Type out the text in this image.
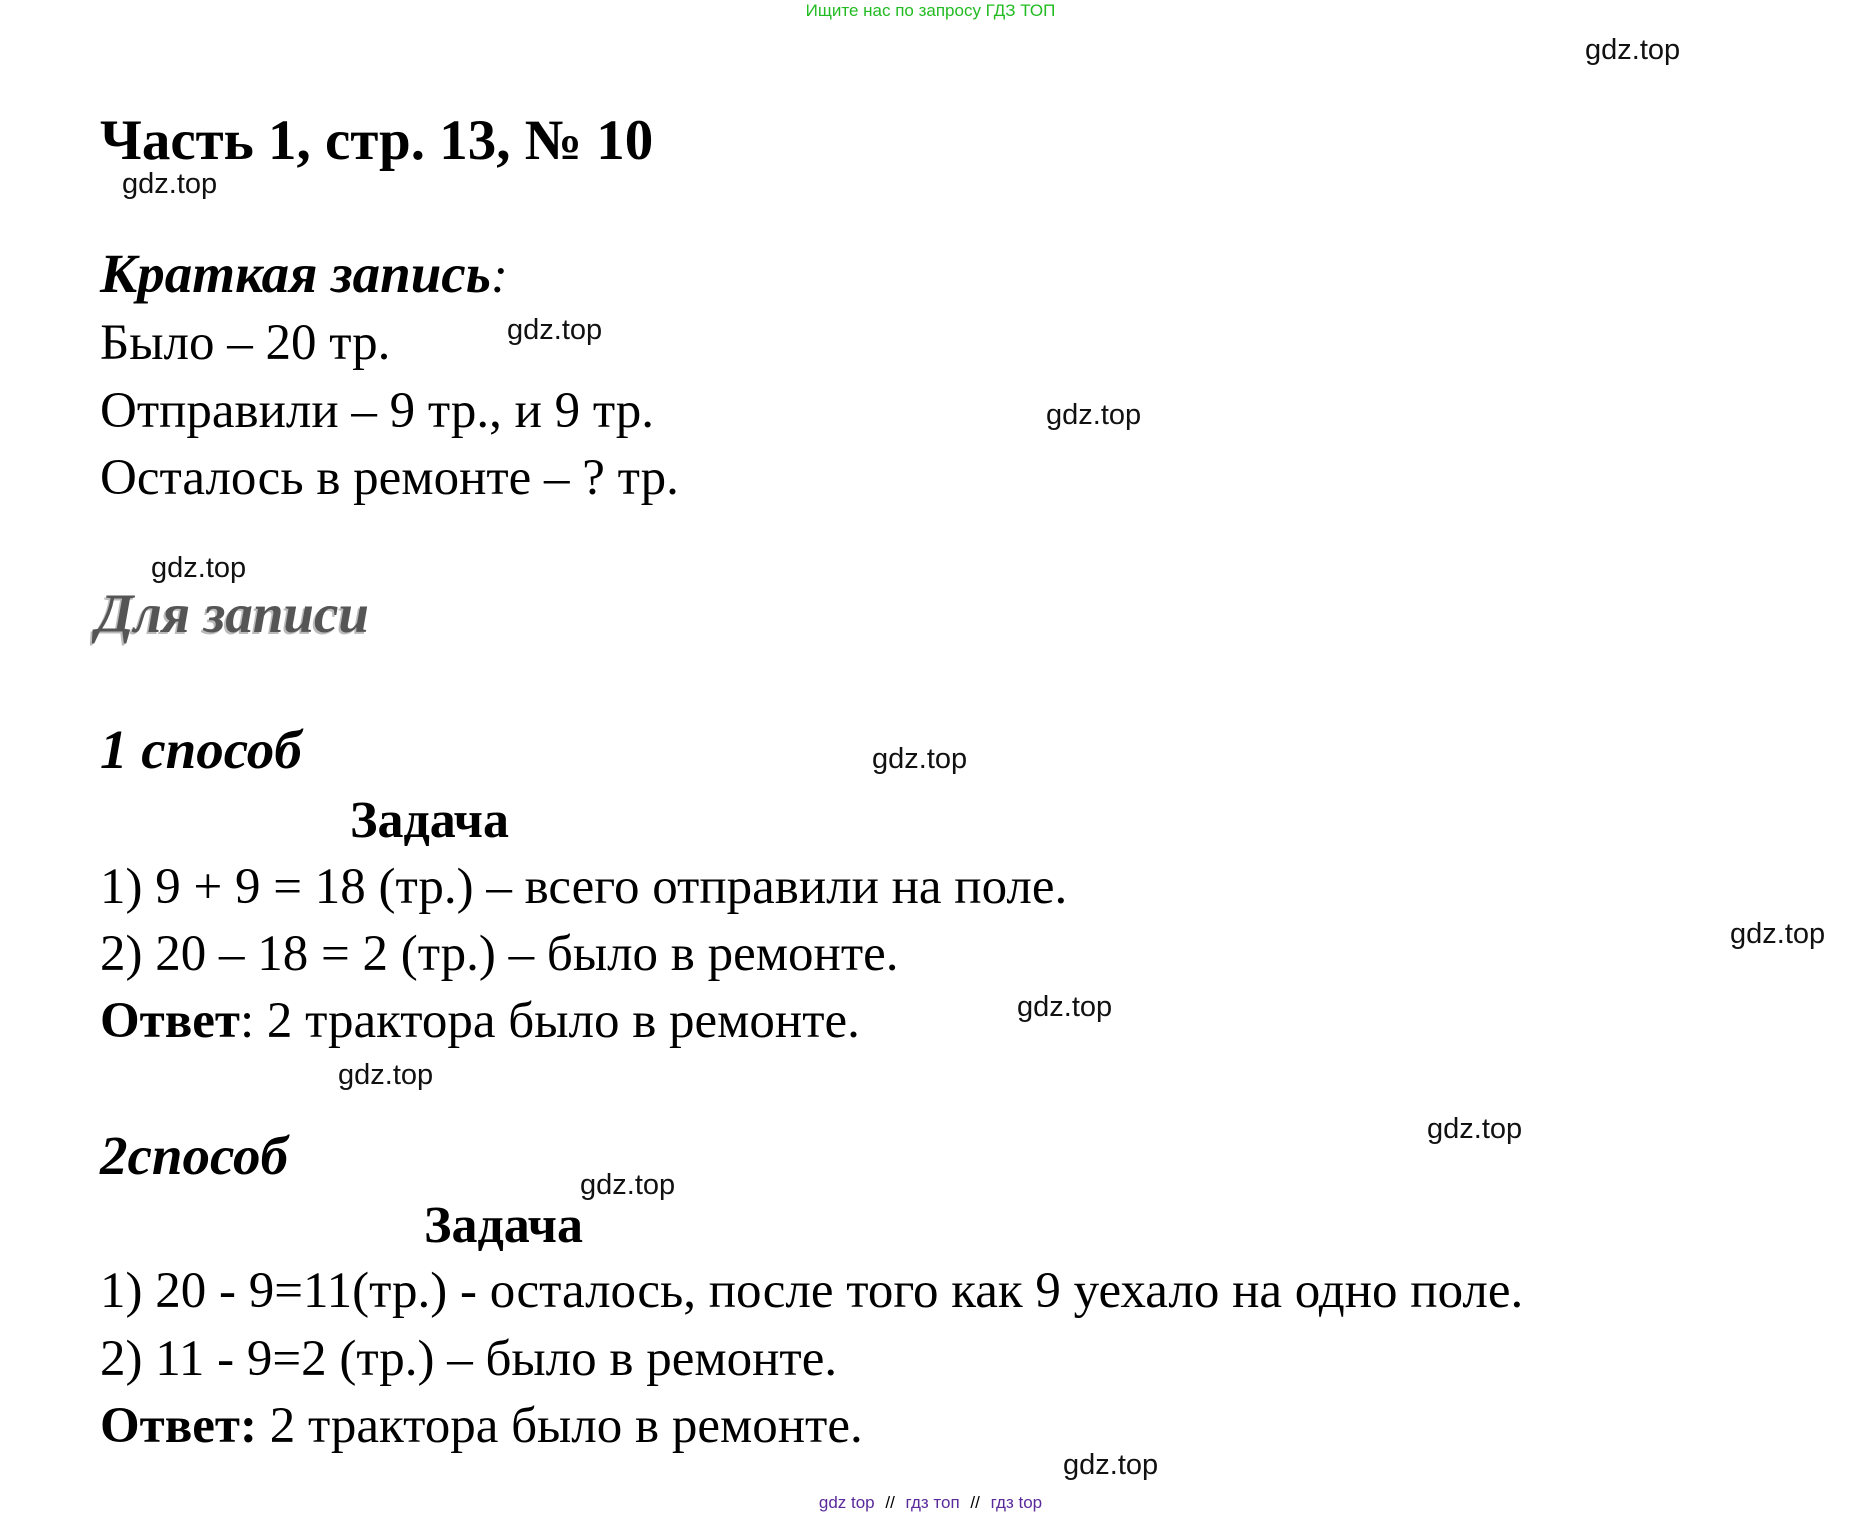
Ищите нас по запросу ГДЗ ТОП
gdz.top
gdz.top
gdz.top
gdz.top
gdz.top
gdz.top
gdz.top
gdz.top
gdz.top
gdz.top
gdz.top
gdz.top
Часть 1, стр. 13, № 10
Краткая запись:
Было – 20 тр.
Отправили – 9 тр., и 9 тр.
Осталось в ремонте – ? тр.
Для записи
1 способ
Задача
1) 9 + 9 = 18 (тр.) – всего отправили на поле.
2) 20 – 18 = 2 (тр.) – было в ремонте.
Ответ: 2 трактора было в ремонте.
2способ
Задача
1) 20 - 9=11(тр.) - осталось, после того как 9 уехало на одно поле.
2) 11 - 9=2 (тр.) – было в ремонте.
Ответ: 2 трактора было в ремонте.
gdz top // гдз топ // гдз top
